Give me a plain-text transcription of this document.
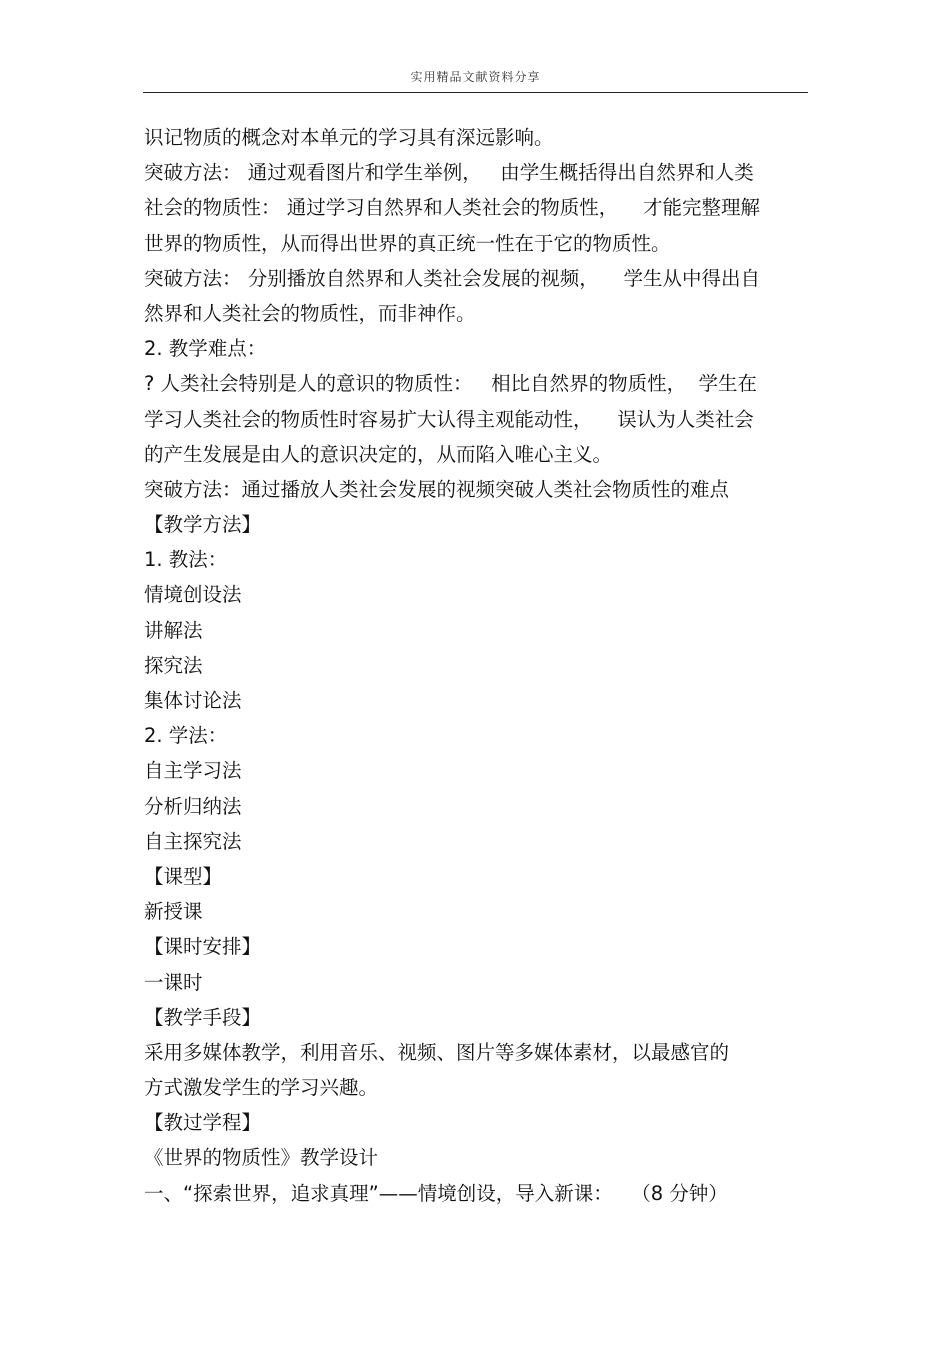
实用精品文献资料分享
识记物质的概念对本单元的学习具有深远影响。
突破方法： 通过观看图片和学生举例，   由学生概括得出自然界和人类
社会的物质性： 通过学习自然界和人类社会的物质性，    才能完整理解
世界的物质性，从而得出世界的真正统一性在于它的物质性。
突破方法： 分别播放自然界和人类社会发展的视频，    学生从中得出自
然界和人类社会的物质性，而非神作。
2. 教学难点：
? 人类社会特别是人的意识的物质性：   相比自然界的物质性，  学生在
学习人类社会的物质性时容易扩大认得主观能动性，    误认为人类社会
的产生发展是由人的意识决定的，从而陷入唯心主义。
突破方法：通过播放人类社会发展的视频突破人类社会物质性的难点
【教学方法】
1. 教法：
情境创设法
讲解法
探究法
集体讨论法
2. 学法：
自主学习法
分析归纳法
自主探究法
【课型】
新授课
【课时安排】
一课时
【教学手段】
采用多媒体教学，利用音乐、视频、图片等多媒体素材，以最感官的
方式激发学生的学习兴趣。
【教过学程】
《世界的物质性》教学设计
一、“探索世界，追求真理”——情境创设，导入新课：   （8 分钟）
